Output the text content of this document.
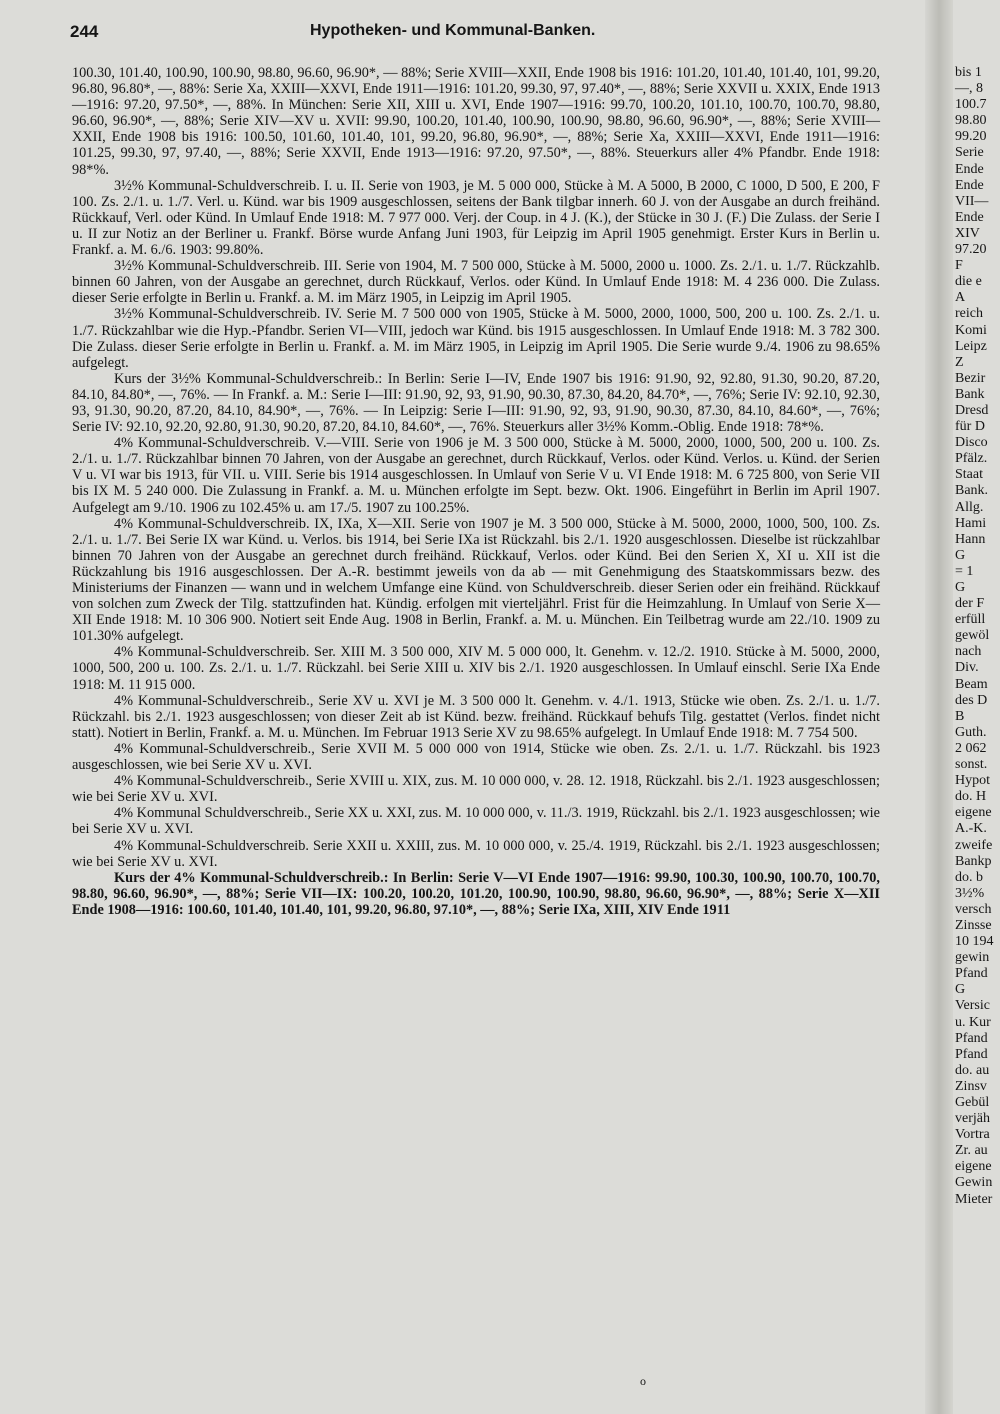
244	Hypotheken- und Kommunal-Banken.

100.30, 101.40, 100.90, 100.90, 98.80, 96.60, 96.90*, — 88%; Serie XVIII—XXII, Ende 1908 bis 1916: 101.20, 101.40, 101.40, 101, 99.20, 96.80, 96.80*, —, 88%: Serie Xa, XXIII—XXVI, Ende 1911—1916: 101.20, 99.30, 97, 97.40*, —, 88%; Serie XXVII u. XXIX, Ende 1913—1916: 97.20, 97.50*, —, 88%. In München: Serie XII, XIII u. XVI, Ende 1907—1916: 99.70, 100.20, 101.10, 100.70, 100.70, 98.80, 96.60, 96.90*, —, 88%; Serie XIV—XV u. XVII: 99.90, 100.20, 101.40, 100.90, 100.90, 98.80, 96.60, 96.90*, —, 88%; Serie XVIII—XXII, Ende 1908 bis 1916: 100.50, 101.60, 101.40, 101, 99.20, 96.80, 96.90*, —, 88%; Serie Xa, XXIII—XXVI, Ende 1911—1916: 101.25, 99.30, 97, 97.40, —, 88%; Serie XXVII, Ende 1913—1916: 97.20, 97.50*, —, 88%. Steuerkurs aller 4% Pfandbr. Ende 1918: 98*%.

3½% Kommunal-Schuldverschreib. I. u. II. Serie von 1903, je M. 5 000 000, Stücke à M. A 5000, B 2000, C 1000, D 500, E 200, F 100. Zs. 2./1. u. 1./7. Verl. u. Künd. war bis 1909 ausgeschlossen, seitens der Bank tilgbar innerh. 60 J. von der Ausgabe an durch freihänd. Rückkauf, Verl. oder Künd. In Umlauf Ende 1918: M. 7 977 000. Verj. der Coup. in 4 J. (K.), der Stücke in 30 J. (F.) Die Zulass. der Serie I u. II zur Notiz an der Berliner u. Frankf. Börse wurde Anfang Juni 1903, für Leipzig im April 1905 genehmigt. Erster Kurs in Berlin u. Frankf. a. M. 6./6. 1903: 99.80%.

3½% Kommunal-Schuldverschreib. III. Serie von 1904, M. 7 500 000, Stücke à M. 5000, 2000 u. 1000. Zs. 2./1. u. 1./7. Rückzahlb. binnen 60 Jahren, von der Ausgabe an gerechnet, durch Rückkauf, Verlos. oder Künd. In Umlauf Ende 1918: M. 4 236 000. Die Zulass. dieser Serie erfolgte in Berlin u. Frankf. a. M. im März 1905, in Leipzig im April 1905.

3½% Kommunal-Schuldverschreib. IV. Serie M. 7 500 000 von 1905, Stücke à M. 5000, 2000, 1000, 500, 200 u. 100. Zs. 2./1. u. 1./7. Rückzahlbar wie die Hyp.-Pfandbr. Serien VI—VIII, jedoch war Künd. bis 1915 ausgeschlossen. In Umlauf Ende 1918: M. 3 782 300. Die Zulass. dieser Serie erfolgte in Berlin u. Frankf. a. M. im März 1905, in Leipzig im April 1905. Die Serie wurde 9./4. 1906 zu 98.65% aufgelegt.

Kurs der 3½% Kommunal-Schuldverschreib.: In Berlin: Serie I—IV, Ende 1907 bis 1916: 91.90, 92, 92.80, 91.30, 90.20, 87.20, 84.10, 84.80*, —, 76%. — In Frankf. a. M.: Serie I—III: 91.90, 92, 93, 91.90, 90.30, 87.30, 84.20, 84.70*, —, 76%; Serie IV: 92.10, 92.30, 93, 91.30, 90.20, 87.20, 84.10, 84.90*, —, 76%. — In Leipzig: Serie I—III: 91.90, 92, 93, 91.90, 90.30, 87.30, 84.10, 84.60*, —, 76%; Serie IV: 92.10, 92.20, 92.80, 91.30, 90.20, 87.20, 84.10, 84.60*, —, 76%. Steuerkurs aller 3½% Komm.-Oblig. Ende 1918: 78*%.

4% Kommunal-Schuldverschreib. V.—VIII. Serie von 1906 je M. 3 500 000, Stücke à M. 5000, 2000, 1000, 500, 200 u. 100. Zs. 2./1. u. 1./7. Rückzahlbar binnen 70 Jahren, von der Ausgabe an gerechnet, durch Rückkauf, Verlos. oder Künd. Verlos. u. Künd. der Serien V u. VI war bis 1913, für VII. u. VIII. Serie bis 1914 ausgeschlossen. In Umlauf von Serie V u. VI Ende 1918: M. 6 725 800, von Serie VII bis IX M. 5 240 000. Die Zulassung in Frankf. a. M. u. München erfolgte im Sept. bezw. Okt. 1906. Eingeführt in Berlin im April 1907. Aufgelegt am 9./10. 1906 zu 102.45% u. am 17./5. 1907 zu 100.25%.

4% Kommunal-Schuldverschreib. IX, IXa, X—XII. Serie von 1907 je M. 3 500 000, Stücke à M. 5000, 2000, 1000, 500, 100. Zs. 2./1. u. 1./7. Bei Serie IX war Künd. u. Verlos. bis 1914, bei Serie IXa ist Rückzahl. bis 2./1. 1920 ausgeschlossen. Dieselbe ist rückzahlbar binnen 70 Jahren von der Ausgabe an gerechnet durch freihänd. Rückkauf, Verlos. oder Künd. Bei den Serien X, XI u. XII ist die Rückzahlung bis 1916 ausgeschlossen. Der A.-R. bestimmt jeweils von da ab — mit Genehmigung des Staatskommissars bezw. des Ministeriums der Finanzen — wann und in welchem Umfange eine Künd. von Schuldverschreib. dieser Serien oder ein freihänd. Rückkauf von solchen zum Zweck der Tilg. stattzufinden hat. Kündig. erfolgen mit vierteljährl. Frist für die Heimzahlung. In Umlauf von Serie X—XII Ende 1918: M. 10 306 900. Notiert seit Ende Aug. 1908 in Berlin, Frankf. a. M. u. München. Ein Teilbetrag wurde am 22./10. 1909 zu 101.30% aufgelegt.

4% Kommunal-Schuldverschreib. Ser. XIII M. 3 500 000, XIV M. 5 000 000, lt. Genehm. v. 12./2. 1910. Stücke à M. 5000, 2000, 1000, 500, 200 u. 100. Zs. 2./1. u. 1./7. Rückzahl. bei Serie XIII u. XIV bis 2./1. 1920 ausgeschlossen. In Umlauf einschl. Serie IXa Ende 1918: M. 11 915 000.

4% Kommunal-Schuldverschreib., Serie XV u. XVI je M. 3 500 000 lt. Genehm. v. 4./1. 1913, Stücke wie oben. Zs. 2./1. u. 1./7. Rückzahl. bis 2./1. 1923 ausgeschlossen; von dieser Zeit ab ist Künd. bezw. freihänd. Rückkauf behufs Tilg. gestattet (Verlos. findet nicht statt). Notiert in Berlin, Frankf. a. M. u. München. Im Februar 1913 Serie XV zu 98.65% aufgelegt. In Umlauf Ende 1918: M. 7 754 500.

4% Kommunal-Schuldverschreib., Serie XVII M. 5 000 000 von 1914, Stücke wie oben. Zs. 2./1. u. 1./7. Rückzahl. bis 1923 ausgeschlossen, wie bei Serie XV u. XVI.

4% Kommunal-Schuldverschreib., Serie XVIII u. XIX, zus. M. 10 000 000, v. 28. 12. 1918, Rückzahl. bis 2./1. 1923 ausgeschlossen; wie bei Serie XV u. XVI.

4% Kommunal Schuldverschreib., Serie XX u. XXI, zus. M. 10 000 000, v. 11./3. 1919, Rückzahl. bis 2./1. 1923 ausgeschlossen; wie bei Serie XV u. XVI.

4% Kommunal-Schuldverschreib. Serie XXII u. XXIII, zus. M. 10 000 000, v. 25./4. 1919, Rückzahl. bis 2./1. 1923 ausgeschlossen; wie bei Serie XV u. XVI.

Kurs der 4% Kommunal-Schuldverschreib.: In Berlin: Serie V—VI Ende 1907—1916: 99.90, 100.30, 100.90, 100.70, 100.70, 98.80, 96.60, 96.90*, —, 88%; Serie VII—IX: 100.20, 100.20, 101.20, 100.90, 100.90, 98.80, 96.60, 96.90*, —, 88%; Serie X—XII Ende 1908—1916: 100.60, 101.40, 101.40, 101, 99.20, 96.80, 97.10*, —, 88%; Serie IXa, XIII, XIV Ende 1911

bis 1
—, 8
100.7
98.80
99.20
Serie
Ende
Ende
VII—
Ende
XIV
97.20
F
die e
A
reich
Komi
Leipz
Z
Bezir
Bank
Dresd
für D
Disco
Pfälz.
Staat
Bank.
Allg.
Hami
Hann
G
= 1
G
der F
erfüll
gewöl
nach
Div.
Beam
des D
B
Guth.
2 062
sonst.
Hypot
do. H
eigene
A.-K.
zweife
Bankp
do. b
3½%
versch
Zinsse
10 194
gewin
Pfand
G
Versic
u. Kur
Pfand
Pfand
do. au
Zinsv
Gebül
verjäh
Vortra
Zr. au
eigene
Gewin
Mieter
o
